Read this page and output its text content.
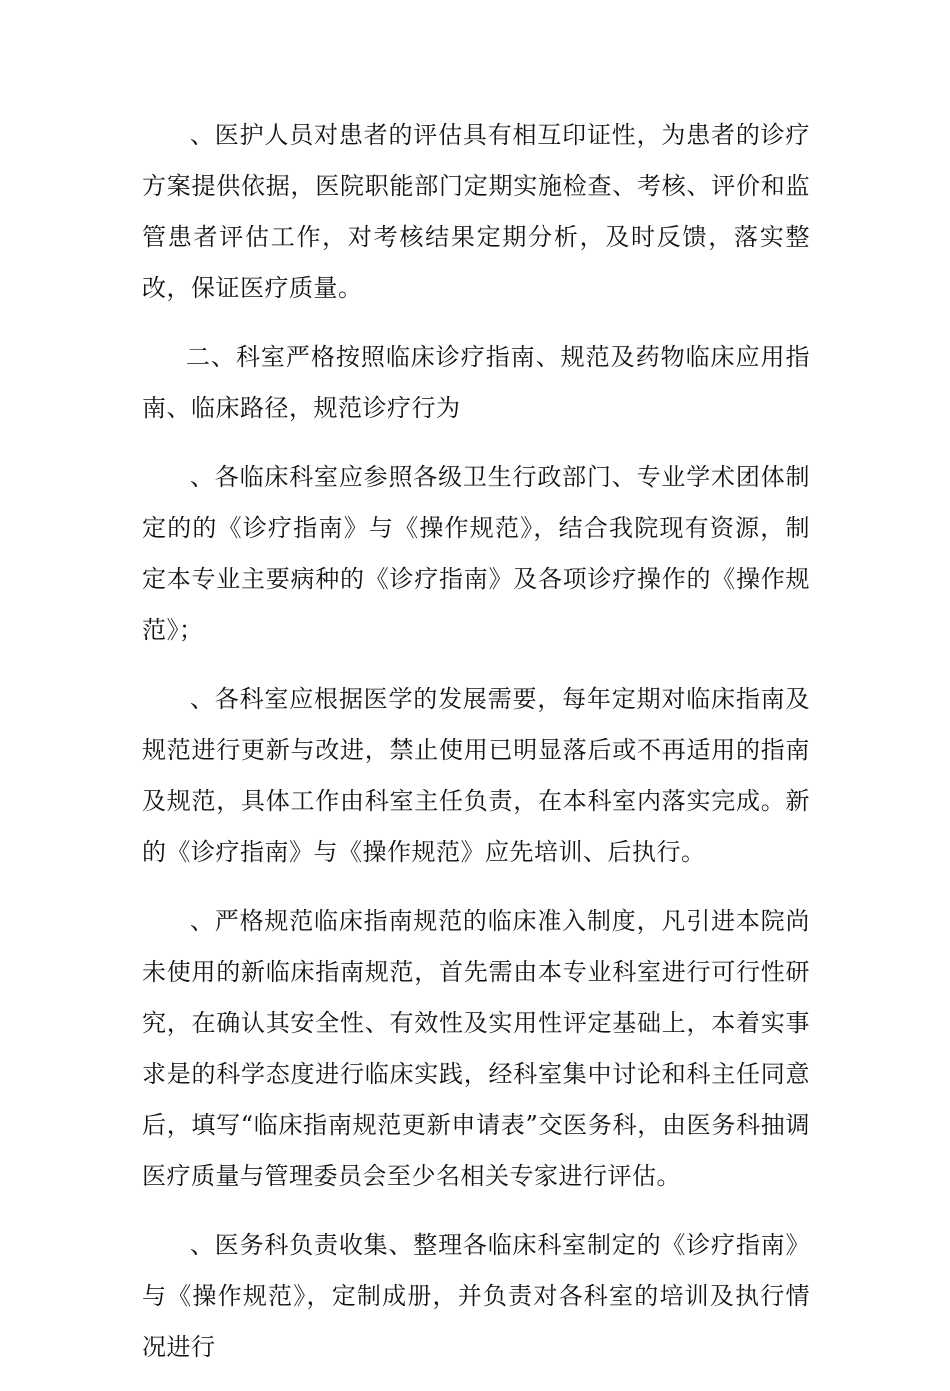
、医护人员对患者的评估具有相互印证性，为患者的诊疗方案提供依据，医院职能部门定期实施检查、考核、评价和监管患者评估工作，对考核结果定期分析，及时反馈，落实整改，保证医疗质量。

二、科室严格按照临床诊疗指南、规范及药物临床应用指南、临床路径，规范诊疗行为

、各临床科室应参照各级卫生行政部门、专业学术团体制定的的《诊疗指南》与《操作规范》，结合我院现有资源，制定本专业主要病种的《诊疗指南》及各项诊疗操作的《操作规范》；

、各科室应根据医学的发展需要，每年定期对临床指南及规范进行更新与改进，禁止使用已明显落后或不再适用的指南及规范，具体工作由科室主任负责，在本科室内落实完成。新的《诊疗指南》与《操作规范》应先培训、后执行。

、严格规范临床指南规范的临床准入制度，凡引进本院尚未使用的新临床指南规范，首先需由本专业科室进行可行性研究，在确认其安全性、有效性及实用性评定基础上，本着实事求是的科学态度进行临床实践，经科室集中讨论和科主任同意后，填写“临床指南规范更新申请表”交医务科，由医务科抽调医疗质量与管理委员会至少名相关专家进行评估。

、医务科负责收集、整理各临床科室制定的《诊疗指南》与《操作规范》，定制成册，并负责对各科室的培训及执行情况进行
